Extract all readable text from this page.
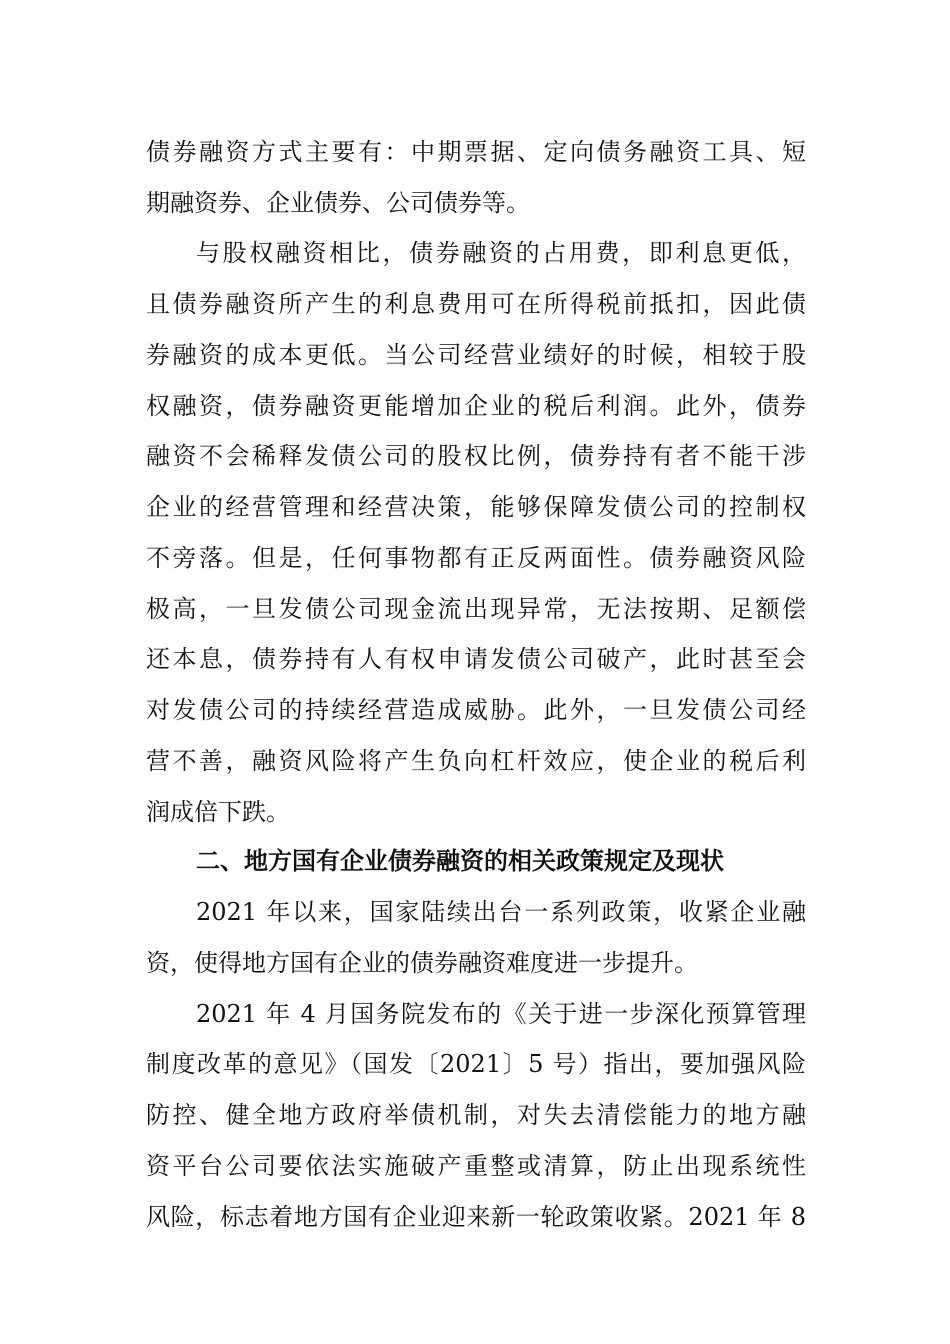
债券融资方式主要有：中期票据、定向债务融资工具、短
期融资券、企业债券、公司债券等。
与股权融资相比，债券融资的占用费，即利息更低，
且债券融资所产生的利息费用可在所得税前抵扣，因此债
券融资的成本更低。当公司经营业绩好的时候，相较于股
权融资，债券融资更能增加企业的税后利润。此外，债券
融资不会稀释发债公司的股权比例，债券持有者不能干涉
企业的经营管理和经营决策，能够保障发债公司的控制权
不旁落。但是，任何事物都有正反两面性。债券融资风险
极高，一旦发债公司现金流出现异常，无法按期、足额偿
还本息，债券持有人有权申请发债公司破产，此时甚至会
对发债公司的持续经营造成威胁。此外，一旦发债公司经
营不善，融资风险将产生负向杠杆效应，使企业的税后利
润成倍下跌。
二、地方国有企业债券融资的相关政策规定及现状
2021 年以来，国家陆续出台一系列政策，收紧企业融
资，使得地方国有企业的债券融资难度进一步提升。
2021 年 4 月国务院发布的《关于进一步深化预算管理
制度改革的意见》（国发〔2021〕5 号）指出，要加强风险
防控、健全地方政府举债机制，对失去清偿能力的地方融
资平台公司要依法实施破产重整或清算，防止出现系统性
风险，标志着地方国有企业迎来新一轮政策收紧。2021 年 8
